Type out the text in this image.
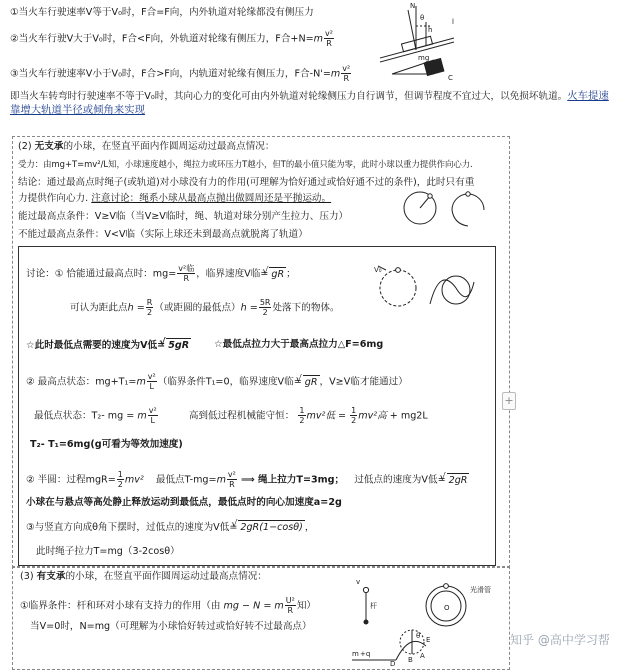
①当火车行驶速率V等于V₀时，F合=F向，内外轨道对轮缘都没有侧压力
②当火车行驶V大于V₀时，F合<F向，外轨道对轮缘有侧压力，F合$+N=m \frac{\text{v²}}{R}$
③当火车行驶速率V小于V₀时，F合>F向，内轨道对轮缘有侧压力，F合$-N'=m \frac{\text{v²}}{R}$
N
l
θ
h
mg
C
即当火车转弯时行驶速率不等于V₀时，其向心力的变化可由内外轨道对轮缘侧压力自行调节，但调节程度不宜过大，以免损坏轨道。火车提速
靠增大轨道半径或倾角来实现
(2) 无支承的小球，在竖直平面内作圆周运动过最高点情况：
受力：由mg+T=mv²/L知，小球速度越小，绳拉力或环压力T越小，但T的最小值只能为零，此时小球以重力提供作向心力.
结论：通过最高点时绳子(或轨道)对小球没有力的作用(可理解为恰好通过或恰好通不过的条件)，此时只有重
力提供作向心力. 注意讨论：绳系小球从最高点抛出做圆周还是平抛运动。
能过最高点条件：V≥V临（当V≥V临时，绳、轨道对球分别产生拉力、压力）
不能过最高点条件：V<V临（实际上球还未到最高点就脱离了轨道）
讨论：① 恰能通过最高点时：$mg= \frac{\text{v²临}}{R}$ ，临界速度V临= √ gR ；
可认为距此点$h = \frac{R}{2}$ （或距圆的最低点）$h = \frac{5R}{2}$ 处落下的物体。
V₀
☆此时最低点需要的速度为V低= √ 5gR	☆最低点拉力大于最高点拉力△F=6mg
② 最高点状态：$mg+T_1=m \frac{\text{v²}}{L}$ （临界条件T₁=0，临界速度V临= √ gR ，V≥V临才能通过）
最低点状态：T₂- mg = m $\frac{\text{v²}}{L}$	高到低过程机械能守恒： $\frac{1}{2} mv^2$低 = $\frac{1}{2} mv^2$高 + mg2L
T₂- T₁=6mg(g可看为等效加速度)
② 半圆：过程$mgR= \frac{1}{2} mv^2$ 最低点$T-mg=m \frac{\text{v²}}{R}$ ⟹ 绳上拉力T=3mg； 过低点的速度为V低= √ 2gR
小球在与悬点等高处静止释放运动到最低点，最低点时的向心加速度a=2g
③与竖直方向成θ角下摆时，过低点的速度为V低= √ 2gR(1−cosθ) ，
此时绳子拉力T=mg（3-2cosθ）
(3) 有支承的小球，在竖直平面作圆周运动过最高点情况：
①临界条件：杆和环对小球有支持力的作用（由 mg − N = m $\frac{\text{U²}}{R}$ 知）
当V=0时，N=mg（可理解为小球恰好转过或恰好转不过最高点）
v
杆
光滑管
O
θ E
m +q
B
D
A
知乎 @高中学习帮
+
